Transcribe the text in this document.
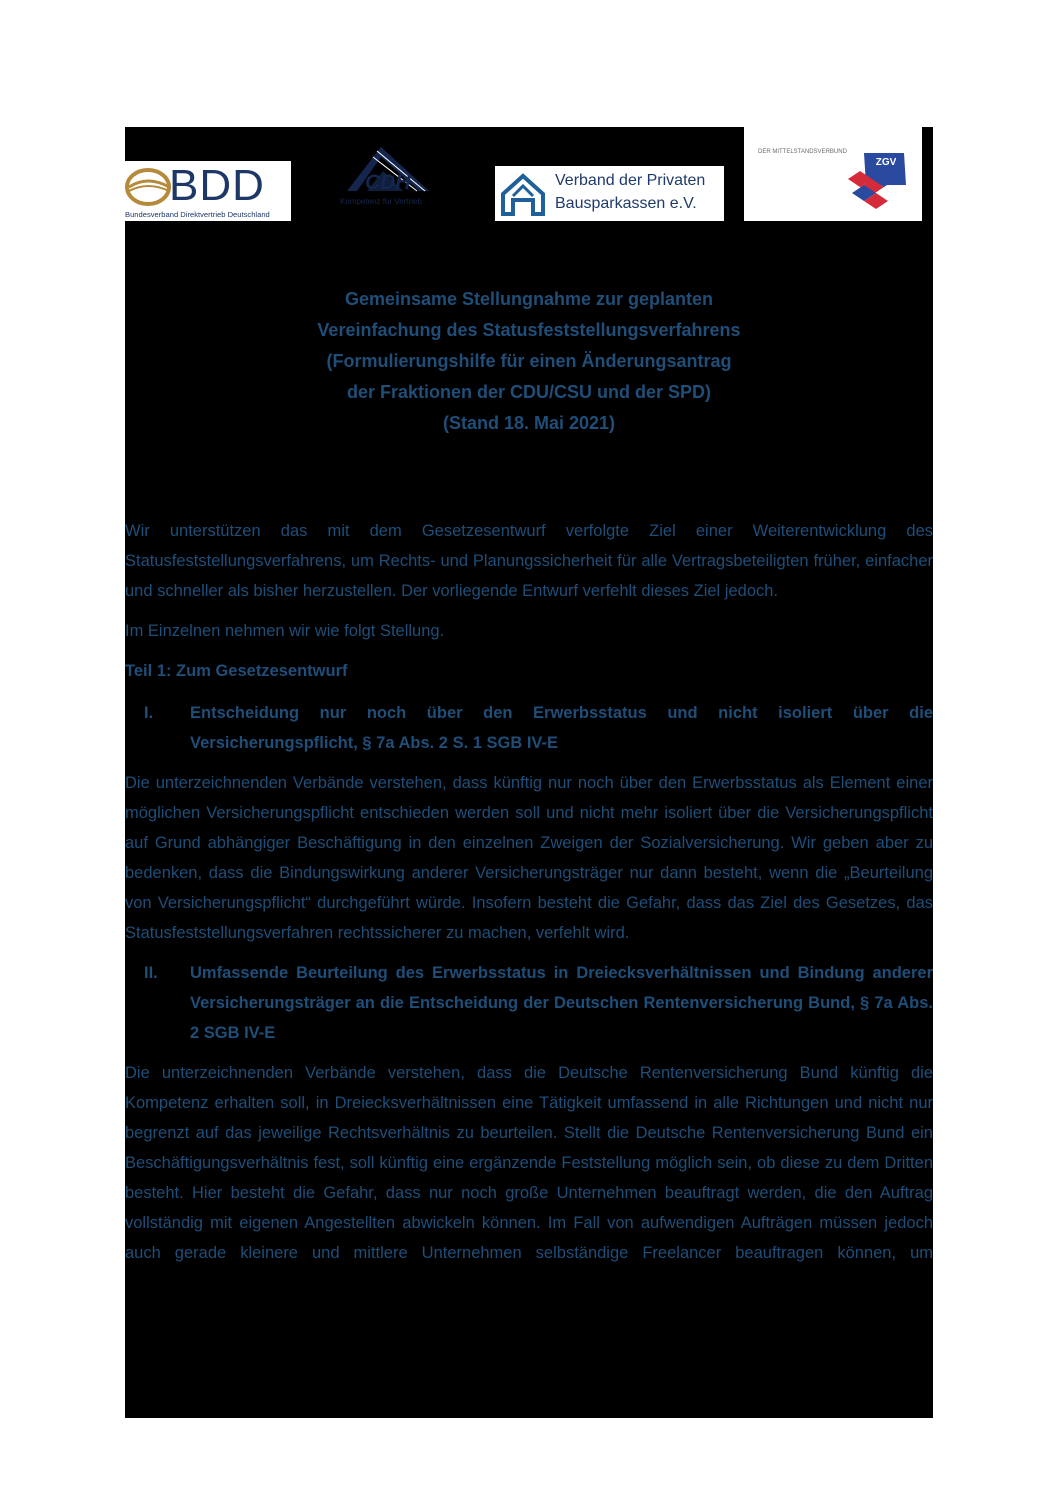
BDD
Bundesverband Direktvertrieb Deutschland
CDH
Kompetenz für Vertrieb
Verband der Privaten
Bausparkassen e.V.
DER MITTELSTANDSVERBUND
ZGV
Gemeinsame Stellungnahme zur geplanten
Vereinfachung des Statusfeststellungsverfahrens
(Formulierungshilfe für einen Änderungsantrag
der Fraktionen der CDU/CSU und der SPD)
(Stand 18. Mai 2021)

Wir unterstützen das mit dem Gesetzesentwurf verfolgte Ziel einer Weiterentwicklung des Statusfeststellungsverfahrens, um Rechts- und Planungssicherheit für alle Vertragsbeteiligten früher, einfacher und schneller als bisher herzustellen. Der vorliegende Entwurf verfehlt dieses Ziel jedoch.

Im Einzelnen nehmen wir wie folgt Stellung.

Teil 1: Zum Gesetzesentwurf
I.	Entscheidung nur noch über den Erwerbsstatus und nicht isoliert über die Versicherungspflicht, § 7a Abs. 2 S. 1 SGB IV-E

Die unterzeichnenden Verbände verstehen, dass künftig nur noch über den Erwerbsstatus als Element einer möglichen Versicherungspflicht entschieden werden soll und nicht mehr isoliert über die Versicherungspflicht auf Grund abhängiger Beschäftigung in den einzelnen Zweigen der Sozialversicherung. Wir geben aber zu bedenken, dass die Bindungswirkung anderer Versicherungsträger nur dann besteht, wenn die „Beurteilung von Versicherungspflicht“ durchgeführt würde. Insofern besteht die Gefahr, dass das Ziel des Gesetzes, das Statusfeststellungsverfahren rechtssicherer zu machen, verfehlt wird.

II.	Umfassende Beurteilung des Erwerbsstatus in Dreiecksverhältnissen und Bindung anderer Versicherungsträger an die Entscheidung der Deutschen Rentenversicherung Bund, § 7a Abs. 2 SGB IV-E

Die unterzeichnenden Verbände verstehen, dass die Deutsche Rentenversicherung Bund künftig die Kompetenz erhalten soll, in Dreiecksverhältnissen eine Tätigkeit umfassend in alle Richtungen und nicht nur begrenzt auf das jeweilige Rechtsverhältnis zu beurteilen. Stellt die Deutsche Rentenversicherung Bund ein Beschäftigungsverhältnis fest, soll künftig eine ergänzende Feststellung möglich sein, ob diese zu dem Dritten besteht. Hier besteht die Gefahr, dass nur noch große Unternehmen beauftragt werden, die den Auftrag vollständig mit eigenen Angestellten abwickeln können. Im Fall von aufwendigen Aufträgen müssen jedoch auch gerade kleinere und mittlere Unternehmen selbständige Freelancer beauftragen können, um
